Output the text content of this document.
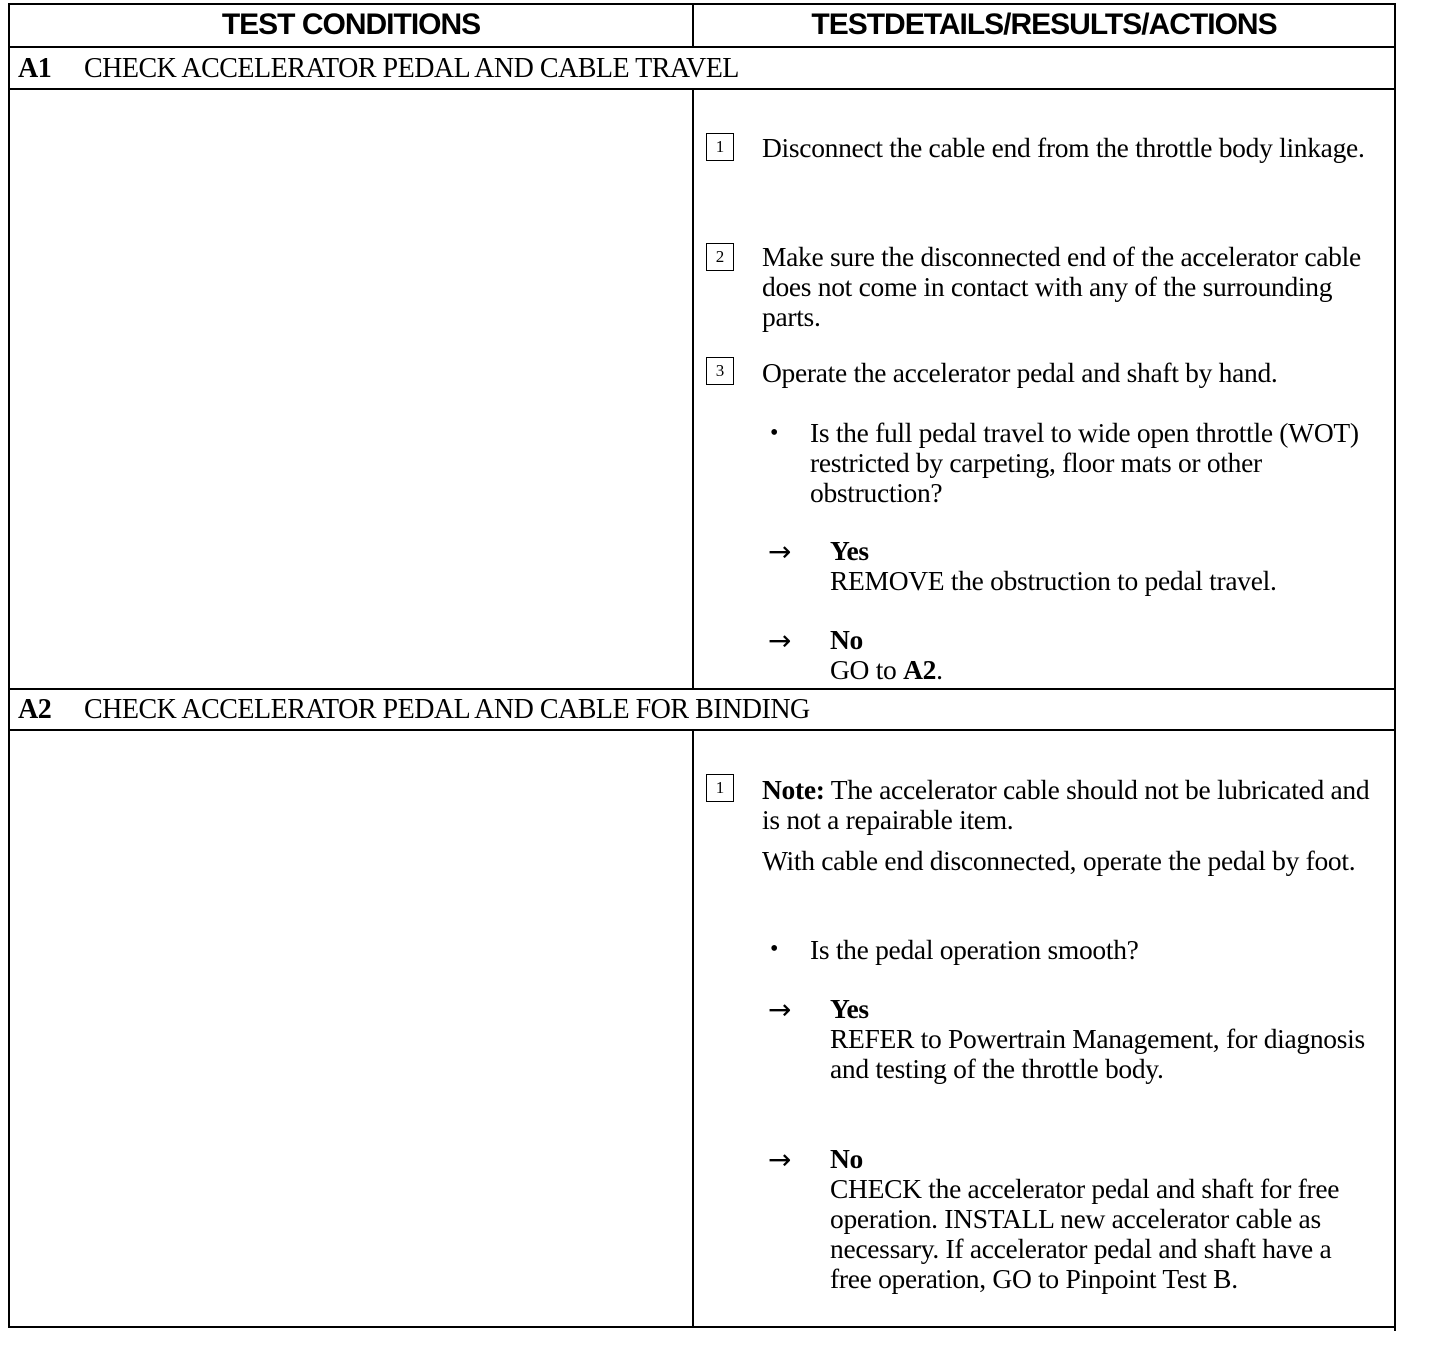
TEST CONDITIONS	TESTDETAILS/RESULTS/ACTIONS
A1 CHECK ACCELERATOR PEDAL AND CABLE TRAVEL
1	Disconnect the cable end from the throttle body linkage.
2	Make sure the disconnected end of the accelerator cable does not come in contact with any of the surrounding parts.
3	Operate the accelerator pedal and shaft by hand.
• Is the full pedal travel to wide open throttle (WOT) restricted by carpeting, floor mats or other obstruction?
→ Yes
REMOVE the obstruction to pedal travel.
→ No
GO to A2.
A2 CHECK ACCELERATOR PEDAL AND CABLE FOR BINDING
1	Note: The accelerator cable should not be lubricated and is not a repairable item.
With cable end disconnected, operate the pedal by foot.
• Is the pedal operation smooth?
→ Yes
REFER to Powertrain Management, for diagnosis and testing of the throttle body.
→ No
CHECK the accelerator pedal and shaft for free operation. INSTALL new accelerator cable as necessary. If accelerator pedal and shaft have a free operation, GO to Pinpoint Test B.
